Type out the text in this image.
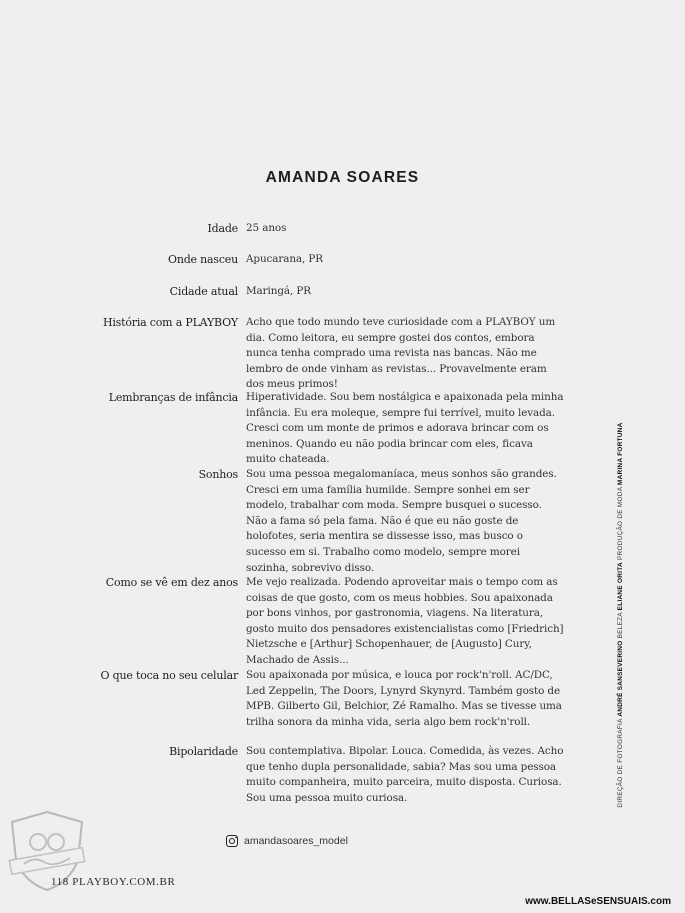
AMANDA SOARES
Idade 25 anos
Onde nasceu Apucarana, PR
Cidade atual Maringá, PR
História com a PLAYBOY Acho que todo mundo teve curiosidade com a PLAYBOY um dia. Como leitora, eu sempre gostei dos contos, embora nunca tenha comprado uma revista nas bancas. Não me lembro de onde vinham as revistas... Provavelmente eram dos meus primos!
Lembranças de infância Hiperatividade. Sou bem nostálgica e apaixonada pela minha infância. Eu era moleque, sempre fui terrível, muito levada. Cresci com um monte de primos e adorava brincar com os meninos. Quando eu não podia brincar com eles, ficava muito chateada.
Sonhos Sou uma pessoa megalomaníaca, meus sonhos são grandes. Cresci em uma família humilde. Sempre sonhei em ser modelo, trabalhar com moda. Sempre busquei o sucesso. Não a fama só pela fama. Não é que eu não goste de holofotes, seria mentira se dissesse isso, mas busco o sucesso em si. Trabalho como modelo, sempre morei sozinha, sobrevivo disso.
Como se vê em dez anos Me vejo realizada. Podendo aproveitar mais o tempo com as coisas de que gosto, com os meus hobbies. Sou apaixonada por bons vinhos, por gastronomia, viagens. Na literatura, gosto muito dos pensadores existencialistas como [Friedrich] Nietzsche e [Arthur] Schopenhauer, de [Augusto] Cury, Machado de Assis...
O que toca no seu celular Sou apaixonada por música, e louca por rock'n'roll. AC/DC, Led Zeppelin, The Doors, Lynyrd Skynyrd. Também gosto de MPB. Gilberto Gil, Belchior, Zé Ramalho. Mas se tivesse uma trilha sonora da minha vida, seria algo bem rock'n'roll.
Bipolaridade Sou contemplativa. Bipolar. Louca. Comedida, às vezes. Acho que tenho dupla personalidade, sabia? Mas sou uma pessoa muito companheira, muito parceira, muito disposta. Curiosa. Sou uma pessoa muito curiosa.
amandasoares_model
DIREÇÃO DE FOTOGRAFIA ANDRÉ SANSEVERINO BELEZA ELIANE ORITA PRODUÇÃO DE MODA MARINA FORTUNA
118 PLAYBOY.COM.BR
www.BELLASeSENSUAIS.com
